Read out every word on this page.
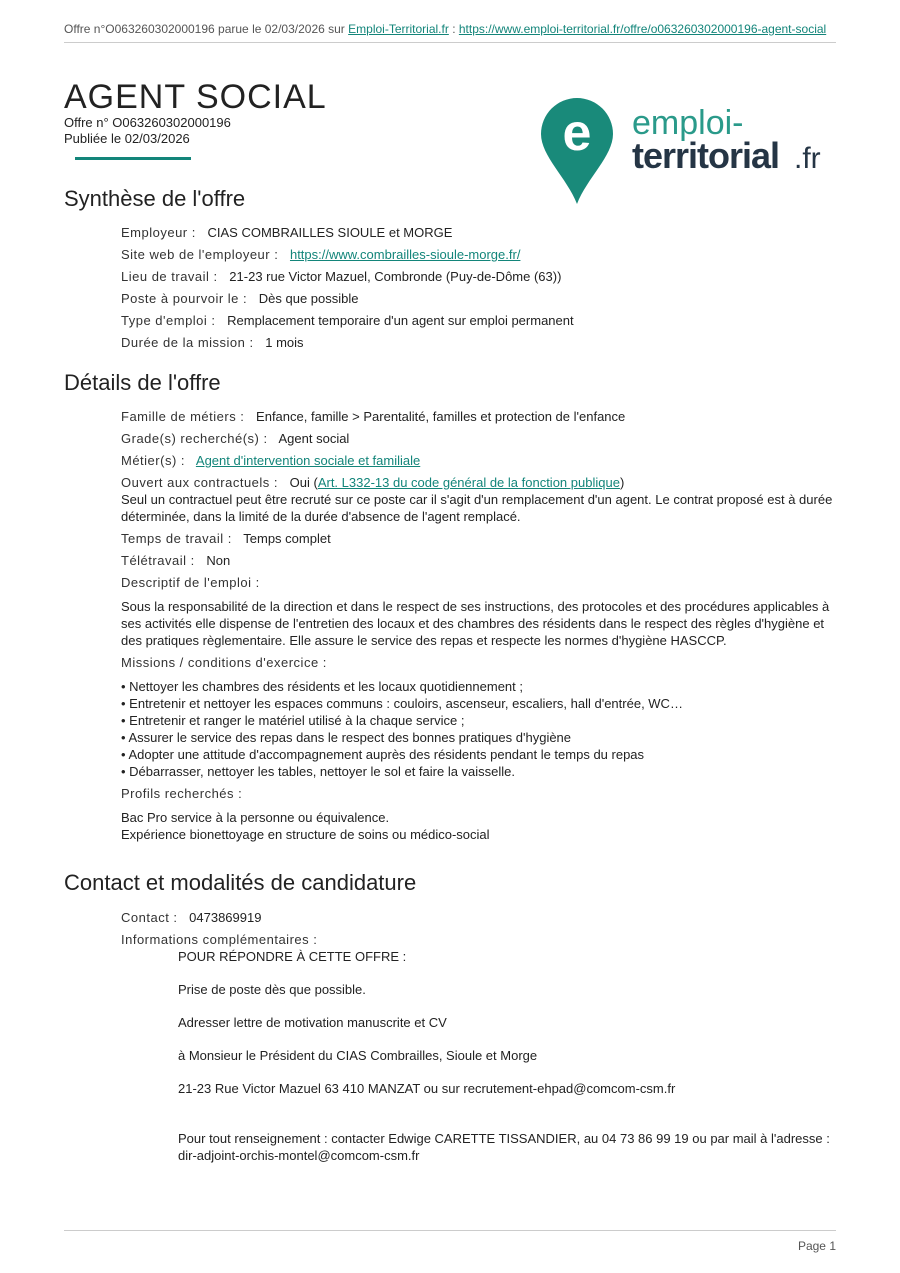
Offre n°O063260302000196 parue le 02/03/2026 sur Emploi-Territorial.fr : https://www.emploi-territorial.fr/offre/o063260302000196-agent-social
AGENT SOCIAL
Offre n° O063260302000196
Publiée le 02/03/2026	e emploi-
territorial .fr
Synthèse de l'offre
Employeur : CIAS COMBRAILLES SIOULE et MORGE
Site web de l'employeur : https://www.combrailles-sioule-morge.fr/
Lieu de travail : 21-23 rue Victor Mazuel, Combronde (Puy-de-Dôme (63))
Poste à pourvoir le : Dès que possible
Type d'emploi : Remplacement temporaire d'un agent sur emploi permanent
Durée de la mission : 1 mois
Détails de l'offre
Famille de métiers : Enfance, famille > Parentalité, familles et protection de l'enfance
Grade(s) recherché(s) : Agent social
Métier(s) : Agent d'intervention sociale et familiale
Ouvert aux contractuels : Oui (Art. L332-13 du code général de la fonction publique)
Seul un contractuel peut être recruté sur ce poste car il s'agit d'un remplacement d'un agent. Le contrat proposé est à durée déterminée, dans la limité de la durée d'absence de l'agent remplacé.
Temps de travail : Temps complet
Télétravail : Non
Descriptif de l'emploi :
Sous la responsabilité de la direction et dans le respect de ses instructions, des protocoles et des procédures applicables à ses activités elle dispense de l'entretien des locaux et des chambres des résidents dans le respect des règles d'hygiène et des pratiques règlementaire. Elle assure le service des repas et respecte les normes d'hygiène HASCCP.
Missions / conditions d'exercice :
• Nettoyer les chambres des résidents et les locaux quotidiennement ;
• Entretenir et nettoyer les espaces communs : couloirs, ascenseur, escaliers, hall d'entrée, WC…
• Entretenir et ranger le matériel utilisé à la chaque service ;
• Assurer le service des repas dans le respect des bonnes pratiques d'hygiène
• Adopter une attitude d'accompagnement auprès des résidents pendant le temps du repas
• Débarrasser, nettoyer les tables, nettoyer le sol et faire la vaisselle.
Profils recherchés :
Bac Pro service à la personne ou équivalence.
Expérience bionettoyage en structure de soins ou médico-social
Contact et modalités de candidature
Contact : 0473869919
Informations complémentaires :
POUR RÉPONDRE À CETTE OFFRE :
Prise de poste dès que possible.
Adresser lettre de motivation manuscrite et CV
à Monsieur le Président du CIAS Combrailles, Sioule et Morge
21-23 Rue Victor Mazuel 63 410 MANZAT ou sur recrutement-ehpad@comcom-csm.fr
Pour tout renseignement : contacter Edwige CARETTE TISSANDIER, au 04 73 86 99 19 ou par mail à l'adresse : dir-adjoint-orchis-montel@comcom-csm.fr
Page 1
